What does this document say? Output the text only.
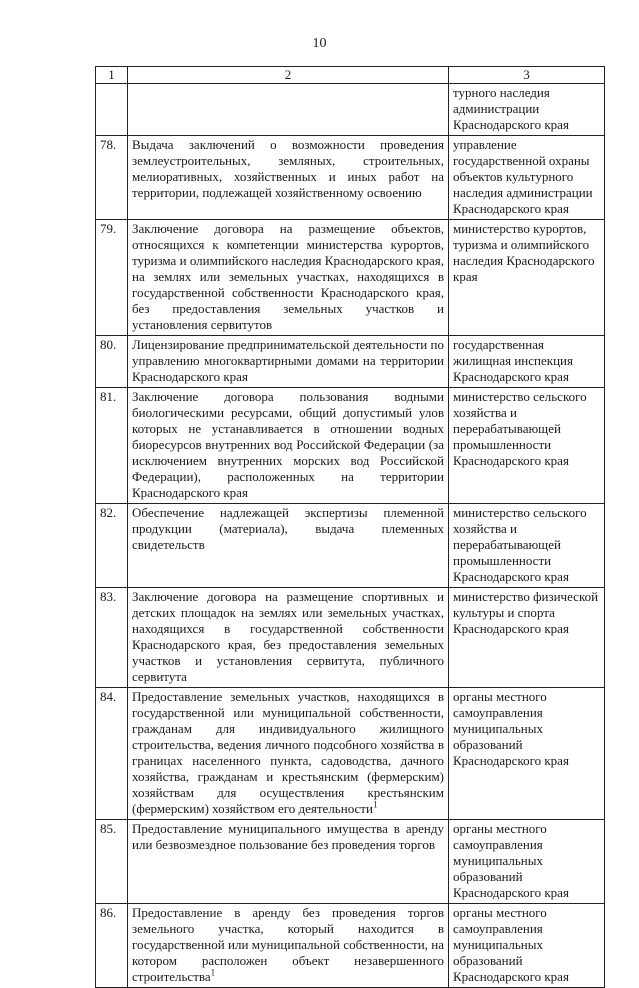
10
1	2	3
		турного наследия администрации Краснодарского края
78.	Выдача заключений о возможности проведения землеустроительных, земляных, строительных, мелиоративных, хозяйственных и иных работ на территории, подлежащей хозяйственному освоению	управление государственной охраны объектов культурного наследия администрации Краснодарского края
79.	Заключение договора на размещение объектов, относящихся к компетенции министерства курортов, туризма и олимпийского наследия Краснодарского края, на землях или земельных участках, находящихся в государственной собственности Краснодарского края, без предоставления земельных участков и установления сервитутов	министерство курортов, туризма и олимпийского наследия Краснодарского края
80.	Лицензирование предпринимательской деятельности по управлению многоквартирными домами на территории Краснодарского края	государственная жилищная инспекция Краснодарского края
81.	Заключение договора пользования водными биологическими ресурсами, общий допустимый улов которых не устанавливается в отношении водных биоресурсов внутренних вод Российской Федерации (за исключением внутренних морских вод Российской Федерации), расположенных на территории Краснодарского края	министерство сельского хозяйства и перерабатывающей промышленности Краснодарского края
82.	Обеспечение надлежащей экспертизы племенной продукции (материала), выдача племенных свидетельств	министерство сельского хозяйства и перерабатывающей промышленности Краснодарского края
83.	Заключение договора на размещение спортивных и детских площадок на землях или земельных участках, находящихся в государственной собственности Краснодарского края, без предоставления земельных участков и установления сервитута, публичного сервитута	министерство физической культуры и спорта Краснодарского края
84.	Предоставление земельных участков, находящихся в государственной или муниципальной собственности, гражданам для индивидуального жилищного строительства, ведения личного подсобного хозяйства в границах населенного пункта, садоводства, дачного хозяйства, гражданам и крестьянским (фермерским) хозяйствам для осуществления крестьянским (фермерским) хозяйством его деятельности$^1$	органы местного самоуправления муниципальных образований Краснодарского края
85.	Предоставление муниципального имущества в аренду или безвозмездное пользование без проведения торгов	органы местного самоуправления муниципальных образований Краснодарского края
86.	Предоставление в аренду без проведения торгов земельного участка, который находится в государственной или муниципальной собственности, на котором расположен объект незавершенного строительства$^1$	органы местного самоуправления муниципальных образований Краснодарского края
